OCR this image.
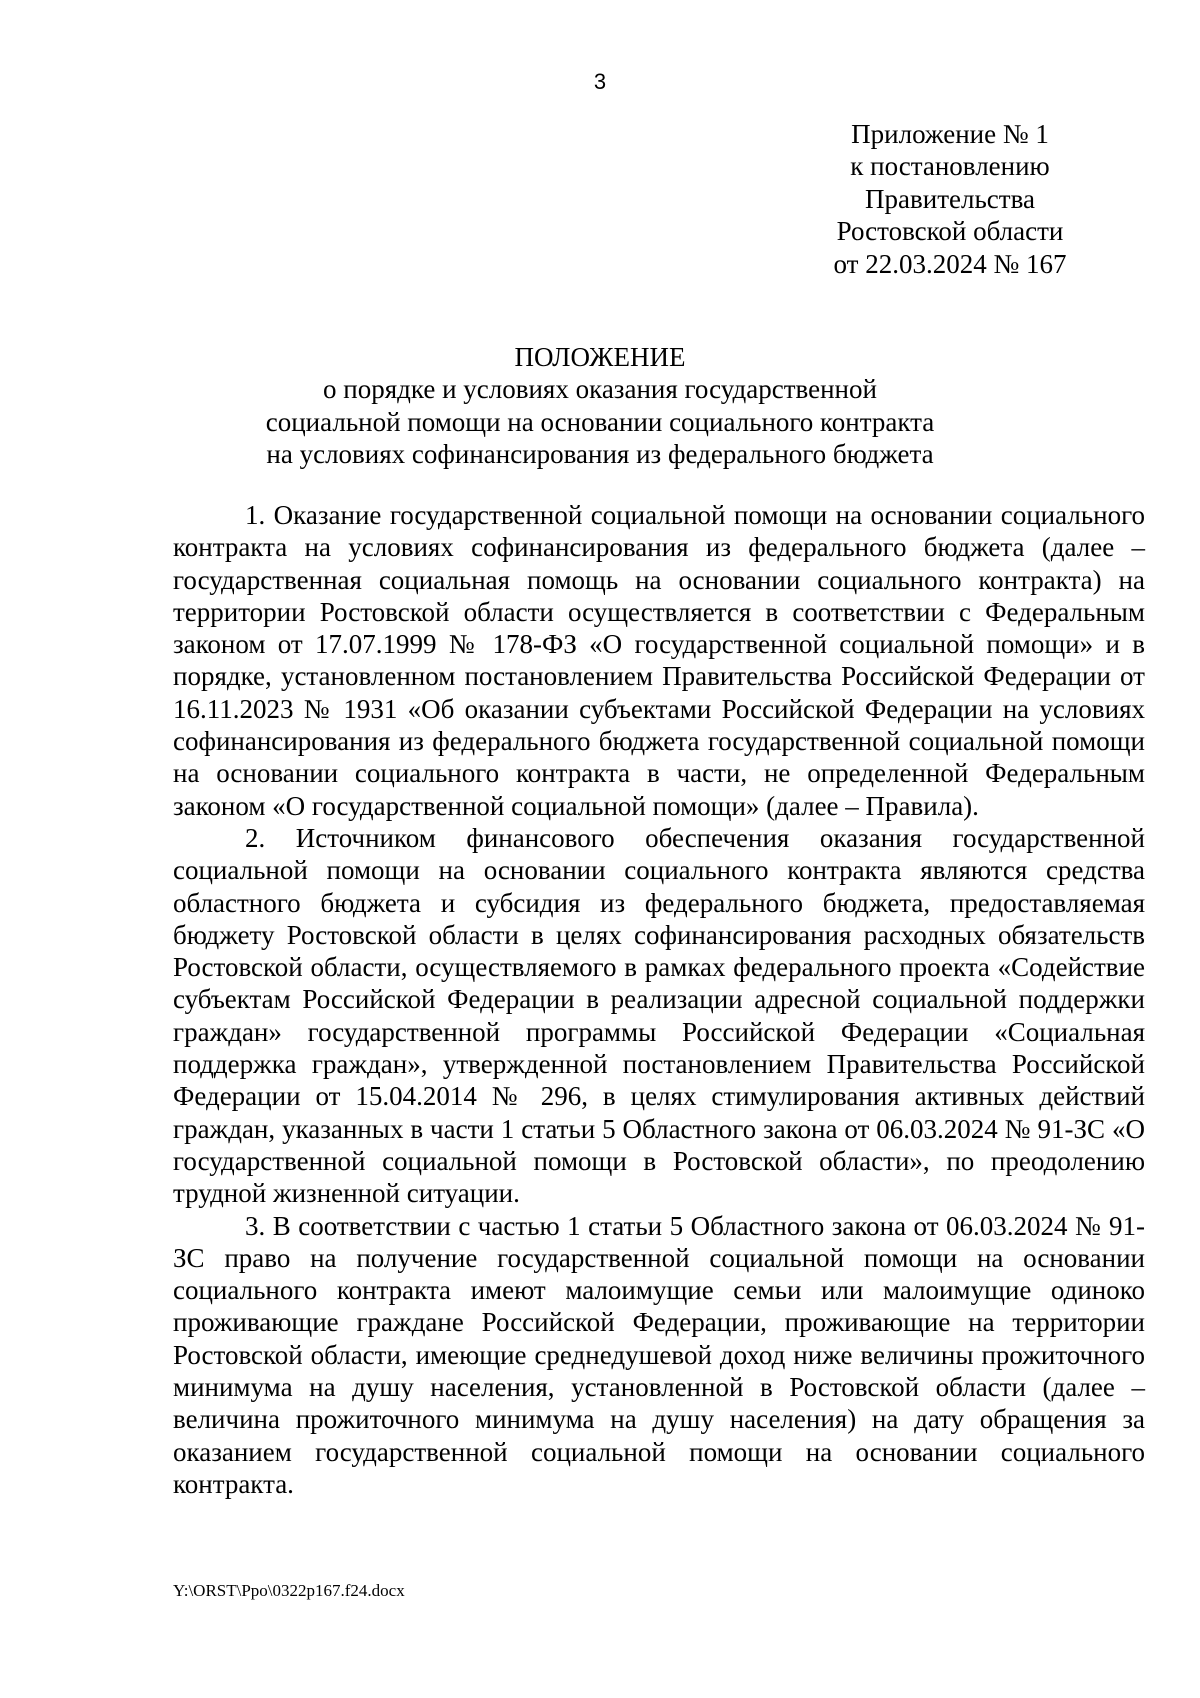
3
Приложение № 1
к постановлению
Правительства
Ростовской области
от 22.03.2024 № 167
ПОЛОЖЕНИЕ
о порядке и условиях оказания государственной
социальной помощи на основании социального контракта
на условиях софинансирования из федерального бюджета

1. Оказание государственной социальной помощи на основании социального контракта на условиях софинансирования из федерального бюджета (далее – государственная социальная помощь на основании социального контракта) на территории Ростовской области осуществляется в соответствии с Федеральным законом от 17.07.1999 № 178-ФЗ «О государственной социальной помощи» и в порядке, установленном постановлением Правительства Российской Федерации от 16.11.2023 № 1931 «Об оказании субъектами Российской Федерации на условиях софинансирования из федерального бюджета государственной социальной помощи на основании социального контракта в части, не определенной Федеральным законом «О государственной социальной помощи» (далее – Правила).

2. Источником финансового обеспечения оказания государственной социальной помощи на основании социального контракта являются средства областного бюджета и субсидия из федерального бюджета, предоставляемая бюджету Ростовской области в целях софинансирования расходных обязательств Ростовской области, осуществляемого в рамках федерального проекта «Содействие субъектам Российской Федерации в реализации адресной социальной поддержки граждан» государственной программы Российской Федерации «Социальная поддержка граждан», утвержденной постановлением Правительства Российской Федерации от 15.04.2014 № 296, в целях стимулирования активных действий граждан, указанных в части 1 статьи 5 Областного закона от 06.03.2024 № 91-ЗС «О государственной социальной помощи в Ростовской области», по преодолению трудной жизненной ситуации.

3. В соответствии с частью 1 статьи 5 Областного закона от 06.03.2024 № 91-ЗС право на получение государственной социальной помощи на основании социального контракта имеют малоимущие семьи или малоимущие одиноко проживающие граждане Российской Федерации, проживающие на территории Ростовской области, имеющие среднедушевой доход ниже величины прожиточного минимума на душу населения, установленной в Ростовской области (далее – величина прожиточного минимума на душу населения) на дату обращения за оказанием государственной социальной помощи на основании социального контракта.

Y:\ORST\Ppo\0322p167.f24.docx
